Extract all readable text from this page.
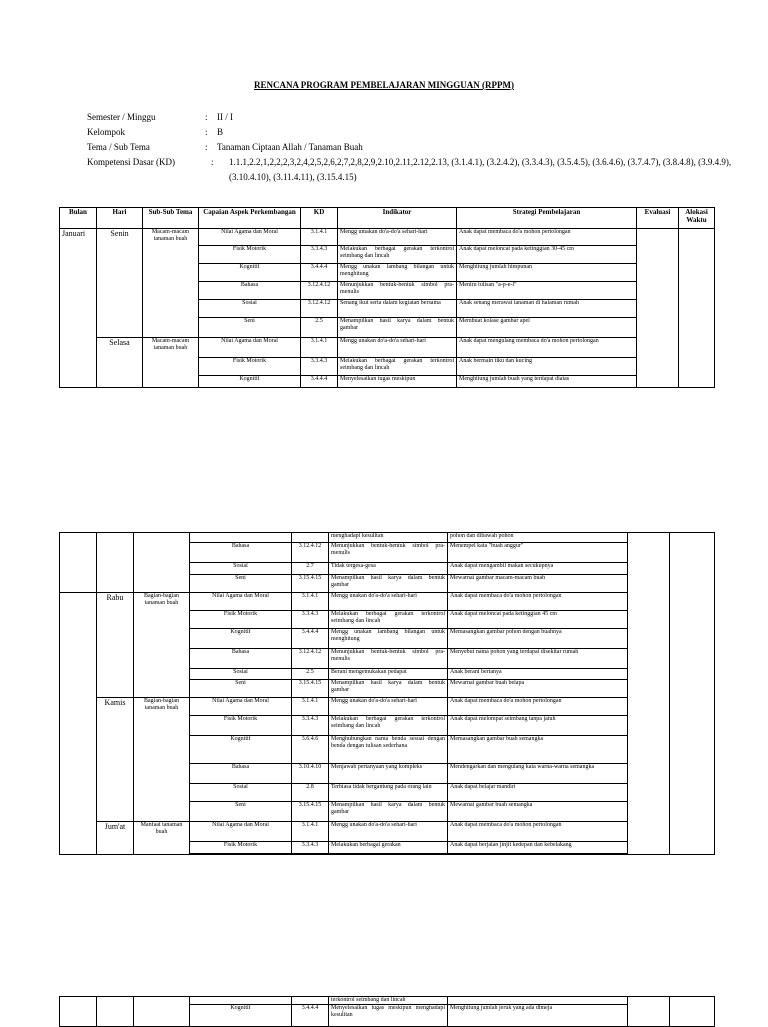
RENCANA PROGRAM PEMBELAJARAN MINGGUAN (RPPM)
Semester / Minggu	:	II / I
Kelompok	:	B
Tema / Sub Tema	:	Tanaman Ciptaan Allah / Tanaman Buah
Kompetensi Dasar (KD)	:	1.1.1,2.2,1,2,2,2,3,2,4,2,5,2,6,2,7,2,8,2,9,2.10,2.11,2.12,2.13, (3.1.4.1), (3.2.4.2), (3.3.4.3), (3.5.4.5), (3.6.4.6), (3.7.4.7), (3.8.4.8), (3.9.4.9), (3.10.4.10), (3.11.4.11), (3.15.4.15)
Bulan	Hari	Sub-Sub Tema	Capaian Aspek Perkembangan	KD	Indikator	Strategi Pembelajaran	Evaluasi	Alokasi Waktu
Januari	Senin	Macam-macam tanaman buah	Nilai Agama dan Moral	3.1.4.1	Mengg umakan do'a-do'a sehari-hari	Anak dapat membaca do'a mohon pertolongan		
			Fisik Motorik	3.3.4.3	Melakukan berbagai gerakan terkontrol seimbang dan lincah	Anak dapat meloncat pada ketinggian 30-45 cm		
			Kognitif	3.4.4.4	Mengg unakan lambang bilangan untuk menghitung	Menghitung jumlah himpunan		
			Bahasa	3.12.4.12	Menunjukkan bentuk-bentuk simbol pra-menulis	Meniru tulisan "a-p-e-l"		
			Sosial	3.12.4.12	Senang ikut serta dalam kegiatan bersama	Anak senang merawat tanaman di halaman rumah		
			Seni	2.5	Menampilkan hasil karya dalam bentuk gambar	Membuat kolase gambar apel		
	Selasa	Macam-macam tanaman buah	Nilai Agama dan Moral	3.1.4.1	Mengg unakan do'a-do'a sehari-hari	Anak dapat mengulang membaca do'a mohon pertolongan		
			Fisik Motorik	3.3.4.3	Melakukan berbagai gerakan terkontrol seimbang dan lincah	Anak bermain tiku dan kucing		
			Kognitif	3.4.4.4	Menyelesaikan tugas meskipun	Menghitung jumlah buah yang terdapat diatas		
					menghadapi kesulitan	pohon dan dibawah pohon		
			Bahasa	3.12.4.12	Menunjukkan bentuk-bentuk simbol pra-menulis	Menempel kata "buah anggur"		
			Sosial	2.7	Tidak tergesa-gesa	Anak dapat mengambil makan secukupnya		
			Seni	3.15.4.15	Menampilkan hasil karya dalam bentuk gambar	Mewarnai gambar macam-macam buah		
	Rabu	Bagian-bagian tanaman buah	Nilai Agama dan Moral	3.1.4.1	Mengg unakan do'a-do'a sehari-hari	Anak dapat membaca do'a mohon pertolongan		
			Fisik Motorik	3.3.4.3	Melakukan berbagai gerakan terkontrol seimbang dan lincah	Anak dapat meloncat pada ketinggian 45 cm		
			Kognitif	3.4.4.4	Mengg unakan lambang bilangan untuk menghitung	Memasangkan gambar pohon dengan buahnya		
			Bahasa	3.12.4.12	Menunjukkan bentuk-bentuk simbol pra-menulis	Menyebut nama pohon yang terdapat disekitar rumah		
			Sosial	2.5	Berani mengemukakan pedapat	Anak berani bertanya		
			Seni	3.15.4.15	Menampilkan hasil karya dalam bentuk gambar	Mewarnai gambar buah belapa		
	Kamis	Bagian-bagian tanaman buah	Nilai Agama dan Moral	3.1.4.1	Mengg unakan do'a-do'a sehari-hari	Anak dapat membaca do'a mohon pertolongan		
			Fisik Motorik	3.3.4.3	Melakukan berbagai gerakan terkontrol seimbang dan lincah	Anak dapat melompat seimbang tanpa jatuh		
			Kognitif	3.6.4.6	Menghubungkan nama benda sesuai dengan benda dengan tulisan sederhana	Memasangkan gambar buah semangka		
			Bahasa	3.10.4.10	Menjawab pertanyaan yang kompleks	Mendengarkan dan mengulang kata warna-warna semangka		
			Sosial	2.8	Terbiasa tidak bergantung pada orang lain	Anak dapat belajar mandiri		
			Seni	3.15.4.15	Menampilkan hasil karya dalam bentuk gambar	Mewarnai gambar buah semangka		
	Jum'at	Manfaat tanaman buah	Nilai Agama dan Moral	3.1.4.1	Mengg unakan do'a-do'a sehari-hari	Anak dapat membaca do'a mohon pertolongan		
			Fisik Motorik	3.3.4.3	Melakukan berbagai gerakan	Anak dapat berjalan jinjit kedepan dan kebelakang		

					terkontrol seimbang dan lincah			
			Kognitif	3.4.4.4	Menyelesaikan tugas meskipun menghadapi kesulitan	Menghitung jumlah jeruk yang ada dimeja		
